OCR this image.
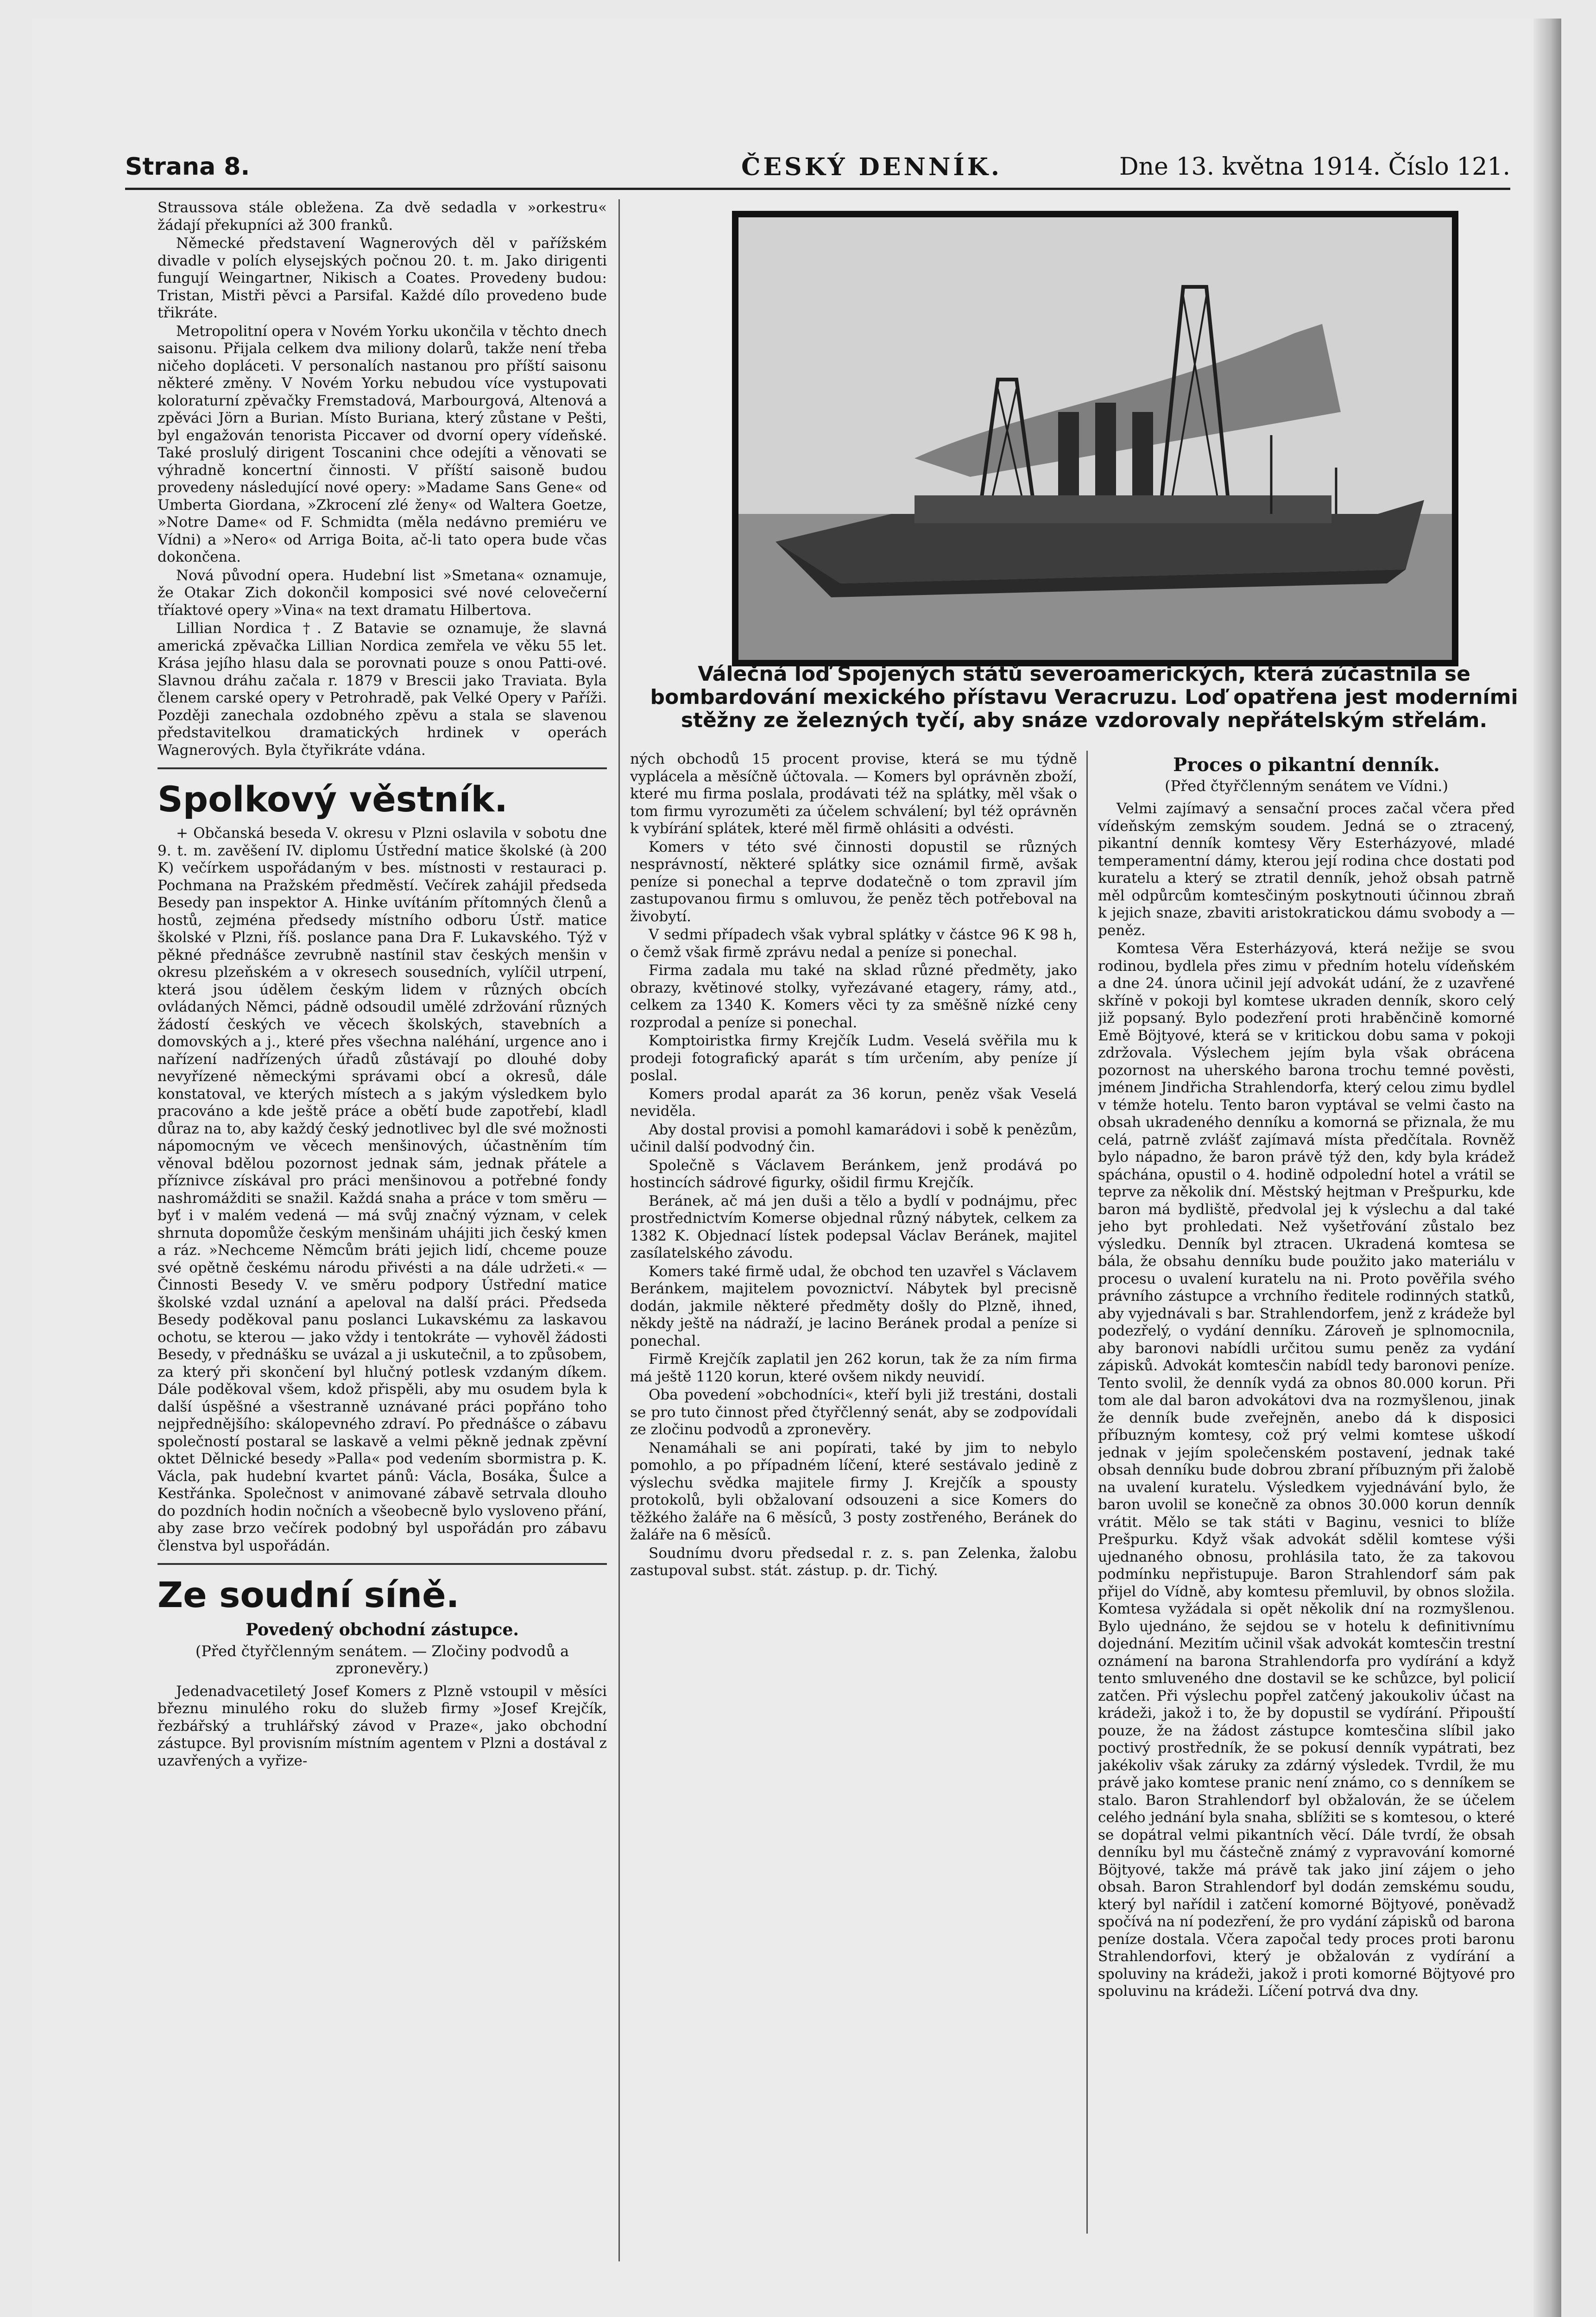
Strana 8.	ČESKÝ DENNÍK.	Dne 13. května 1914. Číslo 121.

Straussova stále obležena. Za dvě sedadla v »orkestru« žádají překupníci až 300 franků.

Německé představení Wagnerových děl v pařížském divadle v polích elysejských počnou 20. t. m. Jako dirigenti fungují Weingartner, Nikisch a Coates. Provedeny budou: Tristan, Mistři pěvci a Parsifal. Každé dílo provedeno bude třikráte.

Metropolitní opera v Novém Yorku ukončila v těchto dnech saisonu. Přijala celkem dva miliony dolarů, takže není třeba ničeho dopláceti. V personalích nastanou pro příští saisonu některé změny. V Novém Yorku nebudou více vystupovati koloraturní zpěvačky Fremstadová, Marbourgová, Altenová a zpěváci Jörn a Burian. Místo Buriana, který zůstane v Pešti, byl engažován tenorista Piccaver od dvorní opery vídeňské. Také proslulý dirigent Toscanini chce odejíti a věnovati se výhradně koncertní činnosti. V příští saisoně budou provedeny následující nové opery: »Madame Sans Gene« od Umberta Giordana, »Zkrocení zlé ženy« od Waltera Goetze, »Notre Dame« od F. Schmidta (měla nedávno premiéru ve Vídni) a »Nero« od Arriga Boita, ač-li tato opera bude včas dokončena.

Nová původní opera. Hudební list »Smetana« oznamuje, že Otakar Zich dokončil komposici své nové celovečerní tříaktové opery »Vina« na text dramatu Hilbertova.

Lillian Nordica †. Z Batavie se oznamuje, že slavná americká zpěvačka Lillian Nordica zemřela ve věku 55 let. Krása jejího hlasu dala se porovnati pouze s onou Patti-ové. Slavnou dráhu začala r. 1879 v Brescii jako Traviata. Byla členem carské opery v Petrohradě, pak Velké Opery v Paříži. Později zanechala ozdobného zpěvu a stala se slavenou představitelkou dramatických hrdinek v operách Wagnerových. Byla čtyřikráte vdána.

Spolkový věstník.

+ Občanská beseda V. okresu v Plzni oslavila v sobotu dne 9. t. m. zavěšení IV. diplomu Ústřední matice školské (à 200 K) večírkem uspořádaným v bes. místnosti v restauraci p. Pochmana na Pražském předměstí. Večírek zahájil předseda Besedy pan inspektor A. Hinke uvítáním přítomných členů a hostů, zejména předsedy místního odboru Ústř. matice školské v Plzni, říš. poslance pana Dra F. Lukavského. Týž v pěkné přednášce zevrubně nastínil stav českých menšin v okresu plzeňském a v okresech sousedních, vylíčil utrpení, která jsou údělem českým lidem v různých obcích ovládaných Němci, pádně odsoudil umělé zdržování různých žádostí českých ve věcech školských, stavebních a domovských a j., které přes všechna naléhání, urgence ano i nařízení nadřízených úřadů zůstávají po dlouhé doby nevyřízené německými správami obcí a okresů, dále konstatoval, ve kterých místech a s jakým výsledkem bylo pracováno a kde ještě práce a obětí bude zapotřebí, kladl důraz na to, aby každý český jednotlivec byl dle své možnosti nápomocným ve věcech menšinových, účastněním tím věnoval bdělou pozornost jednak sám, jednak přátele a příznivce získával pro práci menšinovou a potřebné fondy nashromážditi se snažil. Každá snaha a práce v tom směru — byť i v malém vedená — má svůj značný význam, v celek shrnuta dopomůže českým menšinám uhájiti jich český kmen a ráz. »Nechceme Němcům bráti jejich lidí, chceme pouze své opětně českému národu přivésti a na dále udržeti.« — Činnosti Besedy V. ve směru podpory Ústřední matice školské vzdal uznání a apeloval na další práci. Předseda Besedy poděkoval panu poslanci Lukavskému za laskavou ochotu, se kterou — jako vždy i tentokráte — vyhověl žádosti Besedy, v přednášku se uvázal a ji uskutečnil, a to způsobem, za který při skončení byl hlučný potlesk vzdaným díkem. Dále poděkoval všem, kdož přispěli, aby mu osudem byla k další úspěšné a všestranně uznávané práci popřáno toho nejpřednějšího: skálopevného zdraví. Po přednášce o zábavu společností postaral se laskavě a velmi pěkně jednak zpěvní oktet Dělnické besedy »Palla« pod vedením sbormistra p. K. Václa, pak hudební kvartet pánů: Václa, Bosáka, Šulce a Kestřánka. Společnost v animované zábavě setrvala dlouho do pozdních hodin nočních a všeobecně bylo vysloveno přání, aby zase brzo večírek podobný byl uspořádán pro zábavu členstva byl uspořádán.

Ze soudní síně.
Povedený obchodní zástupce.
(Před čtyřčlenným senátem. — Zločiny podvodů a zpronevěry.)

Jedenadvacetiletý Josef Komers z Plzně vstoupil v měsíci březnu minulého roku do služeb firmy »Josef Krejčík, řezbářský a truhlářský závod v Praze«, jako obchodní zástupce. Byl provisním místním agentem v Plzni a dostával z uzavřených a vyřize-

Válečná loď Spojených států severoamerických, která zúčastnila se bombardování mexického přístavu Veracruzu. Loď opatřena jest moderními stěžny ze železných tyčí, aby snáze vzdorovaly nepřátelským střelám.

ných obchodů 15 procent provise, která se mu týdně vyplácela a měsíčně účtovala. — Komers byl oprávněn zboží, které mu firma poslala, prodávati též na splátky, měl však o tom firmu vyrozuměti za účelem schválení; byl též oprávněn k vybírání splátek, které měl firmě ohlásiti a odvésti.

Komers v této své činnosti dopustil se různých nesprávností, některé splátky sice oznámil firmě, avšak peníze si ponechal a teprve dodatečně o tom zpravil jím zastupovanou firmu s omluvou, že peněz těch potřeboval na živobytí.

V sedmi případech však vybral splátky v částce 96 K 98 h, o čemž však firmě zprávu nedal a peníze si ponechal.

Firma zadala mu také na sklad různé předměty, jako obrazy, květinové stolky, vyřezávané etagery, rámy, atd., celkem za 1340 K. Komers věci ty za směšně nízké ceny rozprodal a peníze si ponechal.

Komptoiristka firmy Krejčík Ludm. Veselá svěřila mu k prodeji fotografický aparát s tím určením, aby peníze jí poslal.

Komers prodal aparát za 36 korun, peněz však Veselá neviděla.

Aby dostal provisi a pomohl kamarádovi i sobě k penězům, učinil další podvodný čin.

Společně s Václavem Beránkem, jenž prodává po hostincích sádrové figurky, ošidil firmu Krejčík.

Beránek, ač má jen duši a tělo a bydlí v podnájmu, přec prostřednictvím Komerse objednal různý nábytek, celkem za 1382 K. Objednací lístek podepsal Václav Beránek, majitel zasílatelského závodu.

Komers také firmě udal, že obchod ten uzavřel s Václavem Beránkem, majitelem povoznictví. Nábytek byl precisně dodán, jakmile některé předměty došly do Plzně, ihned, někdy ještě na nádraží, je lacino Beránek prodal a peníze si ponechal.

Firmě Krejčík zaplatil jen 262 korun, tak že za ním firma má ještě 1120 korun, které ovšem nikdy neuvidí.

Oba povedení »obchodníci«, kteří byli již trestáni, dostali se pro tuto činnost před čtyřčlenný senát, aby se zodpovídali ze zločinu podvodů a zpronevěry.

Nenamáhali se ani popírati, také by jim to nebylo pomohlo, a po případném líčení, které sestávalo jedině z výslechu svědka majitele firmy J. Krejčík a spousty protokolů, byli obžalovaní odsouzeni a sice Komers do těžkého žaláře na 6 měsíců, 3 posty zostřeného, Beránek do žaláře na 6 měsíců.

Soudnímu dvoru předsedal r. z. s. pan Zelenka, žalobu zastupoval subst. stát. zástup. p. dr. Tichý.

Proces o pikantní denník.
(Před čtyřčlenným senátem ve Vídni.)

Velmi zajímavý a sensační proces začal včera před vídeňským zemským soudem. Jedná se o ztracený, pikantní denník komtesy Věry Esterházyové, mladé temperamentní dámy, kterou její rodina chce dostati pod kuratelu a který se ztratil denník, jehož obsah patrně měl odpůrcům komtesčiným poskytnouti účinnou zbraň k jejich snaze, zbaviti aristokratickou dámu svobody a — peněz.

Komtesa Věra Esterházyová, která nežije se svou rodinou, bydlela přes zimu v předním hotelu vídeňském a dne 24. února učinil její advokát udání, že z uzavřené skříně v pokoji byl komtese ukraden denník, skoro celý již popsaný. Bylo podezření proti hraběnčině komorné Emě Böjtyové, která se v kritickou dobu sama v pokoji zdržovala. Výslechem jejím byla však obrácena pozornost na uherského barona trochu temné pověsti, jménem Jindřicha Strahlendorfa, který celou zimu bydlel v témže hotelu. Tento baron vyptával se velmi často na obsah ukradeného denníku a komorná se přiznala, že mu celá, patrně zvlášť zajímavá místa předčítala. Rovněž bylo nápadno, že baron právě týž den, kdy byla krádež spáchána, opustil o 4. hodině odpolední hotel a vrátil se teprve za několik dní. Městský hejtman v Prešpurku, kde baron má bydliště, předvolal jej k výslechu a dal také jeho byt prohledati. Než vyšetřování zůstalo bez výsledku. Denník byl ztracen. Ukradená komtesa se bála, že obsahu denníku bude použito jako materiálu v procesu o uvalení kuratelu na ni. Proto pověřila svého právního zástupce a vrchního ředitele rodinných statků, aby vyjednávali s bar. Strahlendorfem, jenž z krádeže byl podezřelý, o vydání denníku. Zároveň je splnomocnila, aby baronovi nabídli určitou sumu peněz za vydání zápisků. Advokát komtesčin nabídl tedy baronovi peníze. Tento svolil, že denník vydá za obnos 80.000 korun. Při tom ale dal baron advokátovi dva na rozmyšlenou, jinak že denník bude zveřejněn, anebo dá k disposici příbuzným komtesy, což prý velmi komtese uškodí jednak v jejím společenském postavení, jednak také obsah denníku bude dobrou zbraní příbuzným při žalobě na uvalení kuratelu. Výsledkem vyjednávání bylo, že baron uvolil se konečně za obnos 30.000 korun denník vrátit. Mělo se tak státi v Baginu, vesnici to blíže Prešpurku. Když však advokát sdělil komtese výši ujednaného obnosu, prohlásila tato, že za takovou podmínku nepřistupuje. Baron Strahlendorf sám pak přijel do Vídně, aby komtesu přemluvil, by obnos složila. Komtesa vyžádala si opět několik dní na rozmyšlenou. Bylo ujednáno, že sejdou se v hotelu k definitivnímu dojednání. Mezitím učinil však advokát komtesčin trestní oznámení na barona Strahlendorfa pro vydírání a když tento smluveného dne dostavil se ke schůzce, byl policií zatčen. Při výslechu popřel zatčený jakoukoliv účast na krádeži, jakož i to, že by dopustil se vydírání. Připouští pouze, že na žádost zástupce komtesčina slíbil jako poctivý prostředník, že se pokusí denník vypátrati, bez jakékoliv však záruky za zdárný výsledek. Tvrdil, že mu právě jako komtese pranic není známo, co s denníkem se stalo. Baron Strahlendorf byl obžalován, že se účelem celého jednání byla snaha, sblížiti se s komtesou, o které se dopátral velmi pikantních věcí. Dále tvrdí, že obsah denníku byl mu částečně známý z vypravování komorné Böjtyové, takže má právě tak jako jiní zájem o jeho obsah. Baron Strahlendorf byl dodán zemskému soudu, který byl nařídil i zatčení komorné Böjtyové, poněvadž spočívá na ní podezření, že pro vydání zápisků od barona peníze dostala. Včera započal tedy proces proti baronu Strahlendorfovi, který je obžalován z vydírání a spoluviny na krádeži, jakož i proti komorné Böjtyové pro spoluvinu na krádeži. Líčení potrvá dva dny.
